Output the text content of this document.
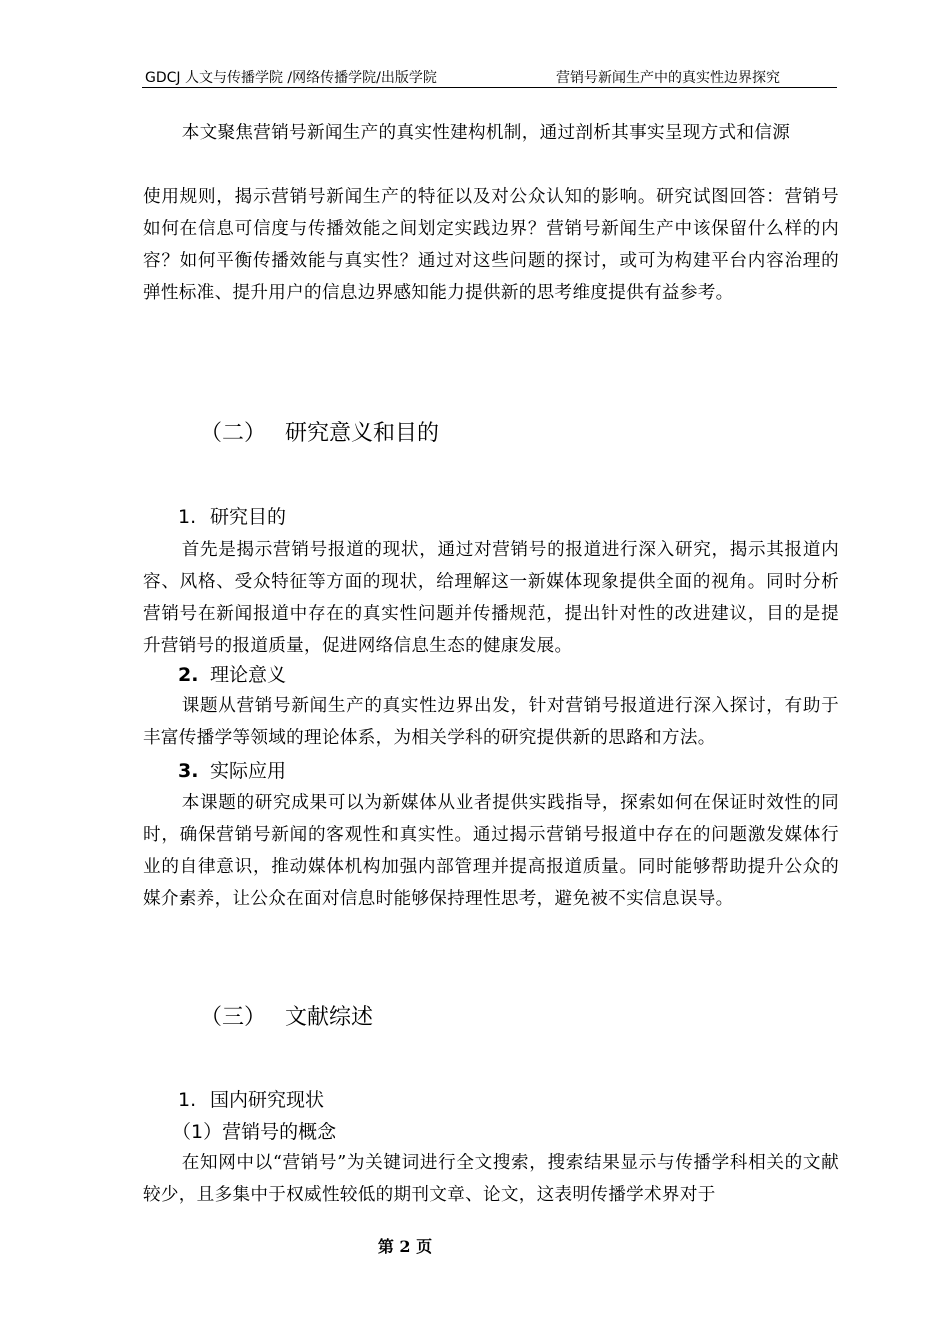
GDCJ 人文与传播学院 /网络传播学院/出版学院	营销号新闻生产中的真实性边界探究
本文聚焦营销号新闻生产的真实性建构机制，通过剖析其事实呈现方式和信源
使用规则，揭示营销号新闻生产的特征以及对公众认知的影响。研究试图回答：营销号如何在信息可信度与传播效能之间划定实践边界？营销号新闻生产中该保留什么样的内容？如何平衡传播效能与真实性？通过对这些问题的探讨，或可为构建平台内容治理的弹性标准、提升用户的信息边界感知能力提供新的思考维度提供有益参考。
（二） 研究意义和目的
1. 研究目的
首先是揭示营销号报道的现状，通过对营销号的报道进行深入研究，揭示其报道内容、风格、受众特征等方面的现状，给理解这一新媒体现象提供全面的视角。同时分析营销号在新闻报道中存在的真实性问题并传播规范，提出针对性的改进建议，目的是提升营销号的报道质量，促进网络信息生态的健康发展。
2. 理论意义
课题从营销号新闻生产的真实性边界出发，针对营销号报道进行深入探讨，有助于丰富传播学等领域的理论体系，为相关学科的研究提供新的思路和方法。
3. 实际应用
本课题的研究成果可以为新媒体从业者提供实践指导，探索如何在保证时效性的同时，确保营销号新闻的客观性和真实性。通过揭示营销号报道中存在的问题激发媒体行业的自律意识，推动媒体机构加强内部管理并提高报道质量。同时能够帮助提升公众的媒介素养，让公众在面对信息时能够保持理性思考，避免被不实信息误导。
（三） 文献综述
1. 国内研究现状
（1）营销号的概念
在知网中以“营销号”为关键词进行全文搜索，搜索结果显示与传播学科相关的文献较少，且多集中于权威性较低的期刊文章、论文，这表明传播学术界对于
第 2 页
